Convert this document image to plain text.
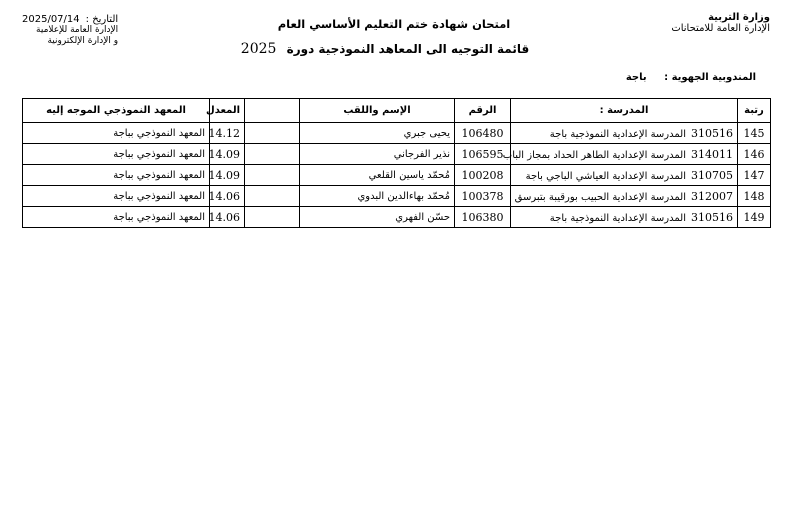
وزارة التربية
الإدارة العامة للامتحانات
التاريخ :
2025/07/14
الإدارة العامة للإعلامية
و الإدارة الإلكترونية
امتحان شهادة ختم التعليم الأساسي العام
قائمة التوجيه الى المعاهد النموذجية دورة 2025
المندوبية الجهوية : باجة
رتبة	المدرسة :	الرقم	الإسم واللقب		المعدل	المعهد النموذجي الموجه إليه
145	310516المدرسة الإعدادية النموذجية باجة	106480	يحيى جبري		14.12	المعهد النموذجي بباجة
146	314011المدرسة الإعدادية الطاهر الحداد بمجاز الباب	106595	نذير الفرجاني		14.09	المعهد النموذجي بباجة
147	310705المدرسة الإعدادية العياشي الباجي باجة	100208	مُحمّد ياسين القلعي		14.09	المعهد النموذجي بباجة
148	312007المدرسة الإعدادية الحبيب بورقيبة بتبرسق	100378	مُحمّد بهاءالدين البدوي		14.06	المعهد النموذجي بباجة
149	310516المدرسة الإعدادية النموذجية باجة	106380	حسّن الفهري		14.06	المعهد النموذجي بباجة
